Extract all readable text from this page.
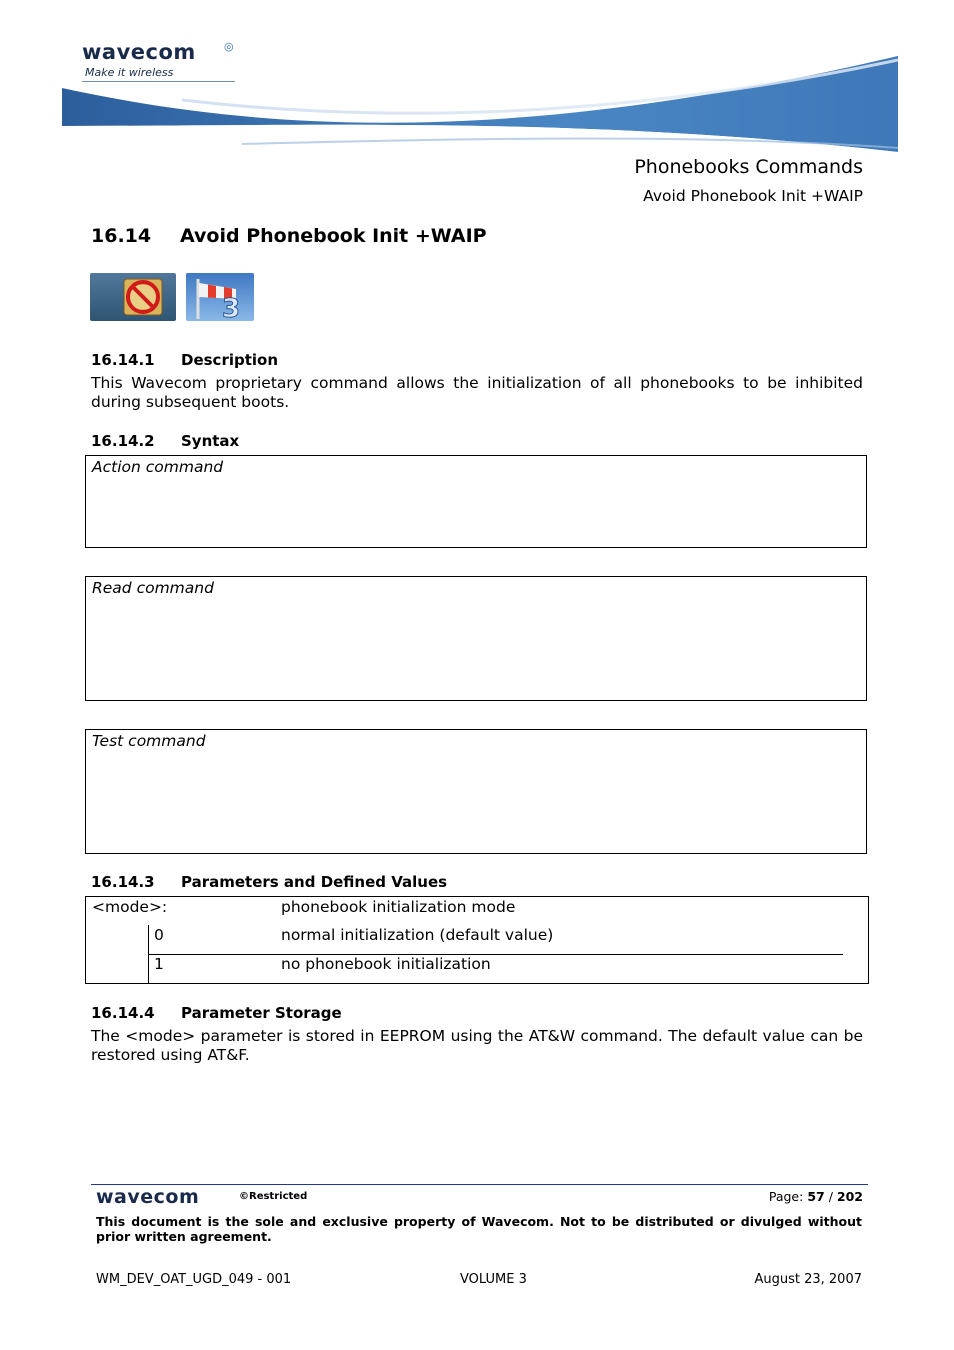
wavecom	◎
Make it wireless
Phonebooks Commands
Avoid Phonebook Init +WAIP
16.14 Avoid Phonebook Init +WAIP
3
16.14.1 Description
This Wavecom proprietary command allows the initialization of all phonebooks to be inhibited during subsequent boots.
16.14.2 Syntax
Action command
Read command
Test command
16.14.3 Parameters and Defined Values
<mode>:	phonebook initialization mode
0	normal initialization (default value)
1	no phonebook initialization
16.14.4 Parameter Storage
The <mode> parameter is stored in EEPROM using the AT&W command. The default value can be restored using AT&F.
wavecom	©Restricted	Page: 57 / 202
This document is the sole and exclusive property of Wavecom. Not to be distributed or divulged without prior written agreement.
WM_DEV_OAT_UGD_049 - 001	VOLUME 3	August 23, 2007
